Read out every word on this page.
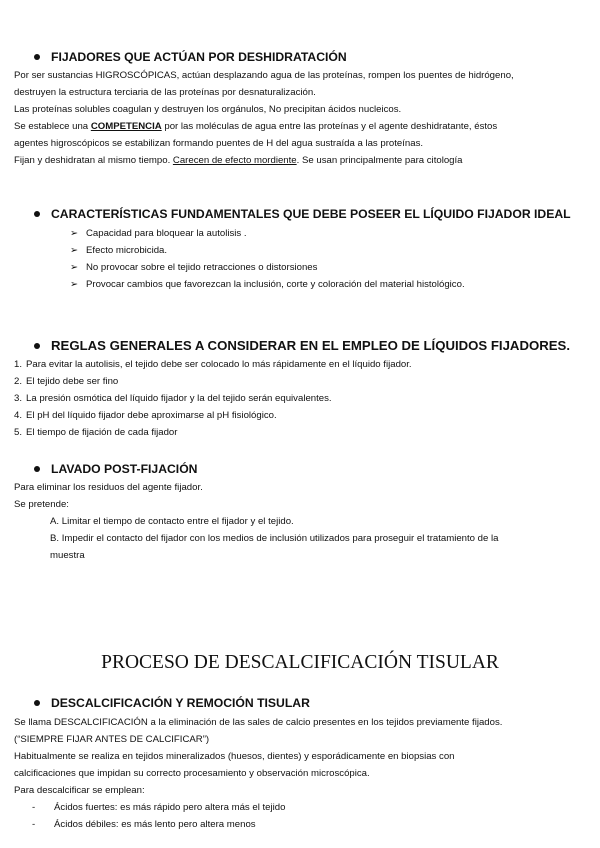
FIJADORES QUE ACTÚAN POR DESHIDRATACIÓN
Por ser sustancias HIGROSCÓPICAS, actúan desplazando agua de las proteínas, rompen los puentes de hidrógeno,
destruyen la estructura terciaria de las proteínas por desnaturalización.
Las proteínas solubles coagulan y destruyen los orgánulos, No precipitan ácidos nucleicos.
Se establece una COMPETENCIA por las moléculas de agua entre las proteínas y el agente deshidratante, éstos
agentes higroscópicos se estabilizan formando puentes de H del agua sustraída a las proteínas.
Fijan y deshidratan al mismo tiempo. Carecen de efecto mordiente. Se usan principalmente para citología
CARACTERÍSTICAS FUNDAMENTALES QUE DEBE POSEER EL LÍQUIDO FIJADOR IDEAL
➢ Capacidad para bloquear la autolisis .
➢ Efecto microbicida.
➢ No provocar sobre el tejido retracciones o distorsiones
➢ Provocar cambios que favorezcan la inclusión, corte y coloración del material histológico.
REGLAS GENERALES A CONSIDERAR EN EL EMPLEO DE LÍQUIDOS FIJADORES.
1. Para evitar la autolisis, el tejido debe ser colocado lo más rápidamente en el líquido fijador.
2. El tejido debe ser fino
3. La presión osmótica del líquido fijador y la del tejido serán equivalentes.
4. El pH del líquido fijador debe aproximarse al pH fisiológico.
5. El tiempo de fijación de cada fijador
LAVADO POST-FIJACIÓN
Para eliminar los residuos del agente fijador.
Se pretende:
A. Limitar el tiempo de contacto entre el fijador y el tejido.
B. Impedir el contacto del fijador con los medios de inclusión utilizados para proseguir el tratamiento de la
muestra
PROCESO DE DESCALCIFICACIÓN TISULAR
DESCALCIFICACIÓN Y REMOCIÓN TISULAR
Se llama DESCALCIFICACIÓN a la eliminación de las sales de calcio presentes en los tejidos previamente fijados.
(“SIEMPRE FIJAR ANTES DE CALCIFICAR”)
Habitualmente se realiza en tejidos mineralizados (huesos, dientes) y esporádicamente en biopsias con
calcificaciones que impidan su correcto procesamiento y observación microscópica.
Para descalcificar se emplean:
- Ácidos fuertes: es más rápido pero altera más el tejido
- Ácidos débiles: es más lento pero altera menos
